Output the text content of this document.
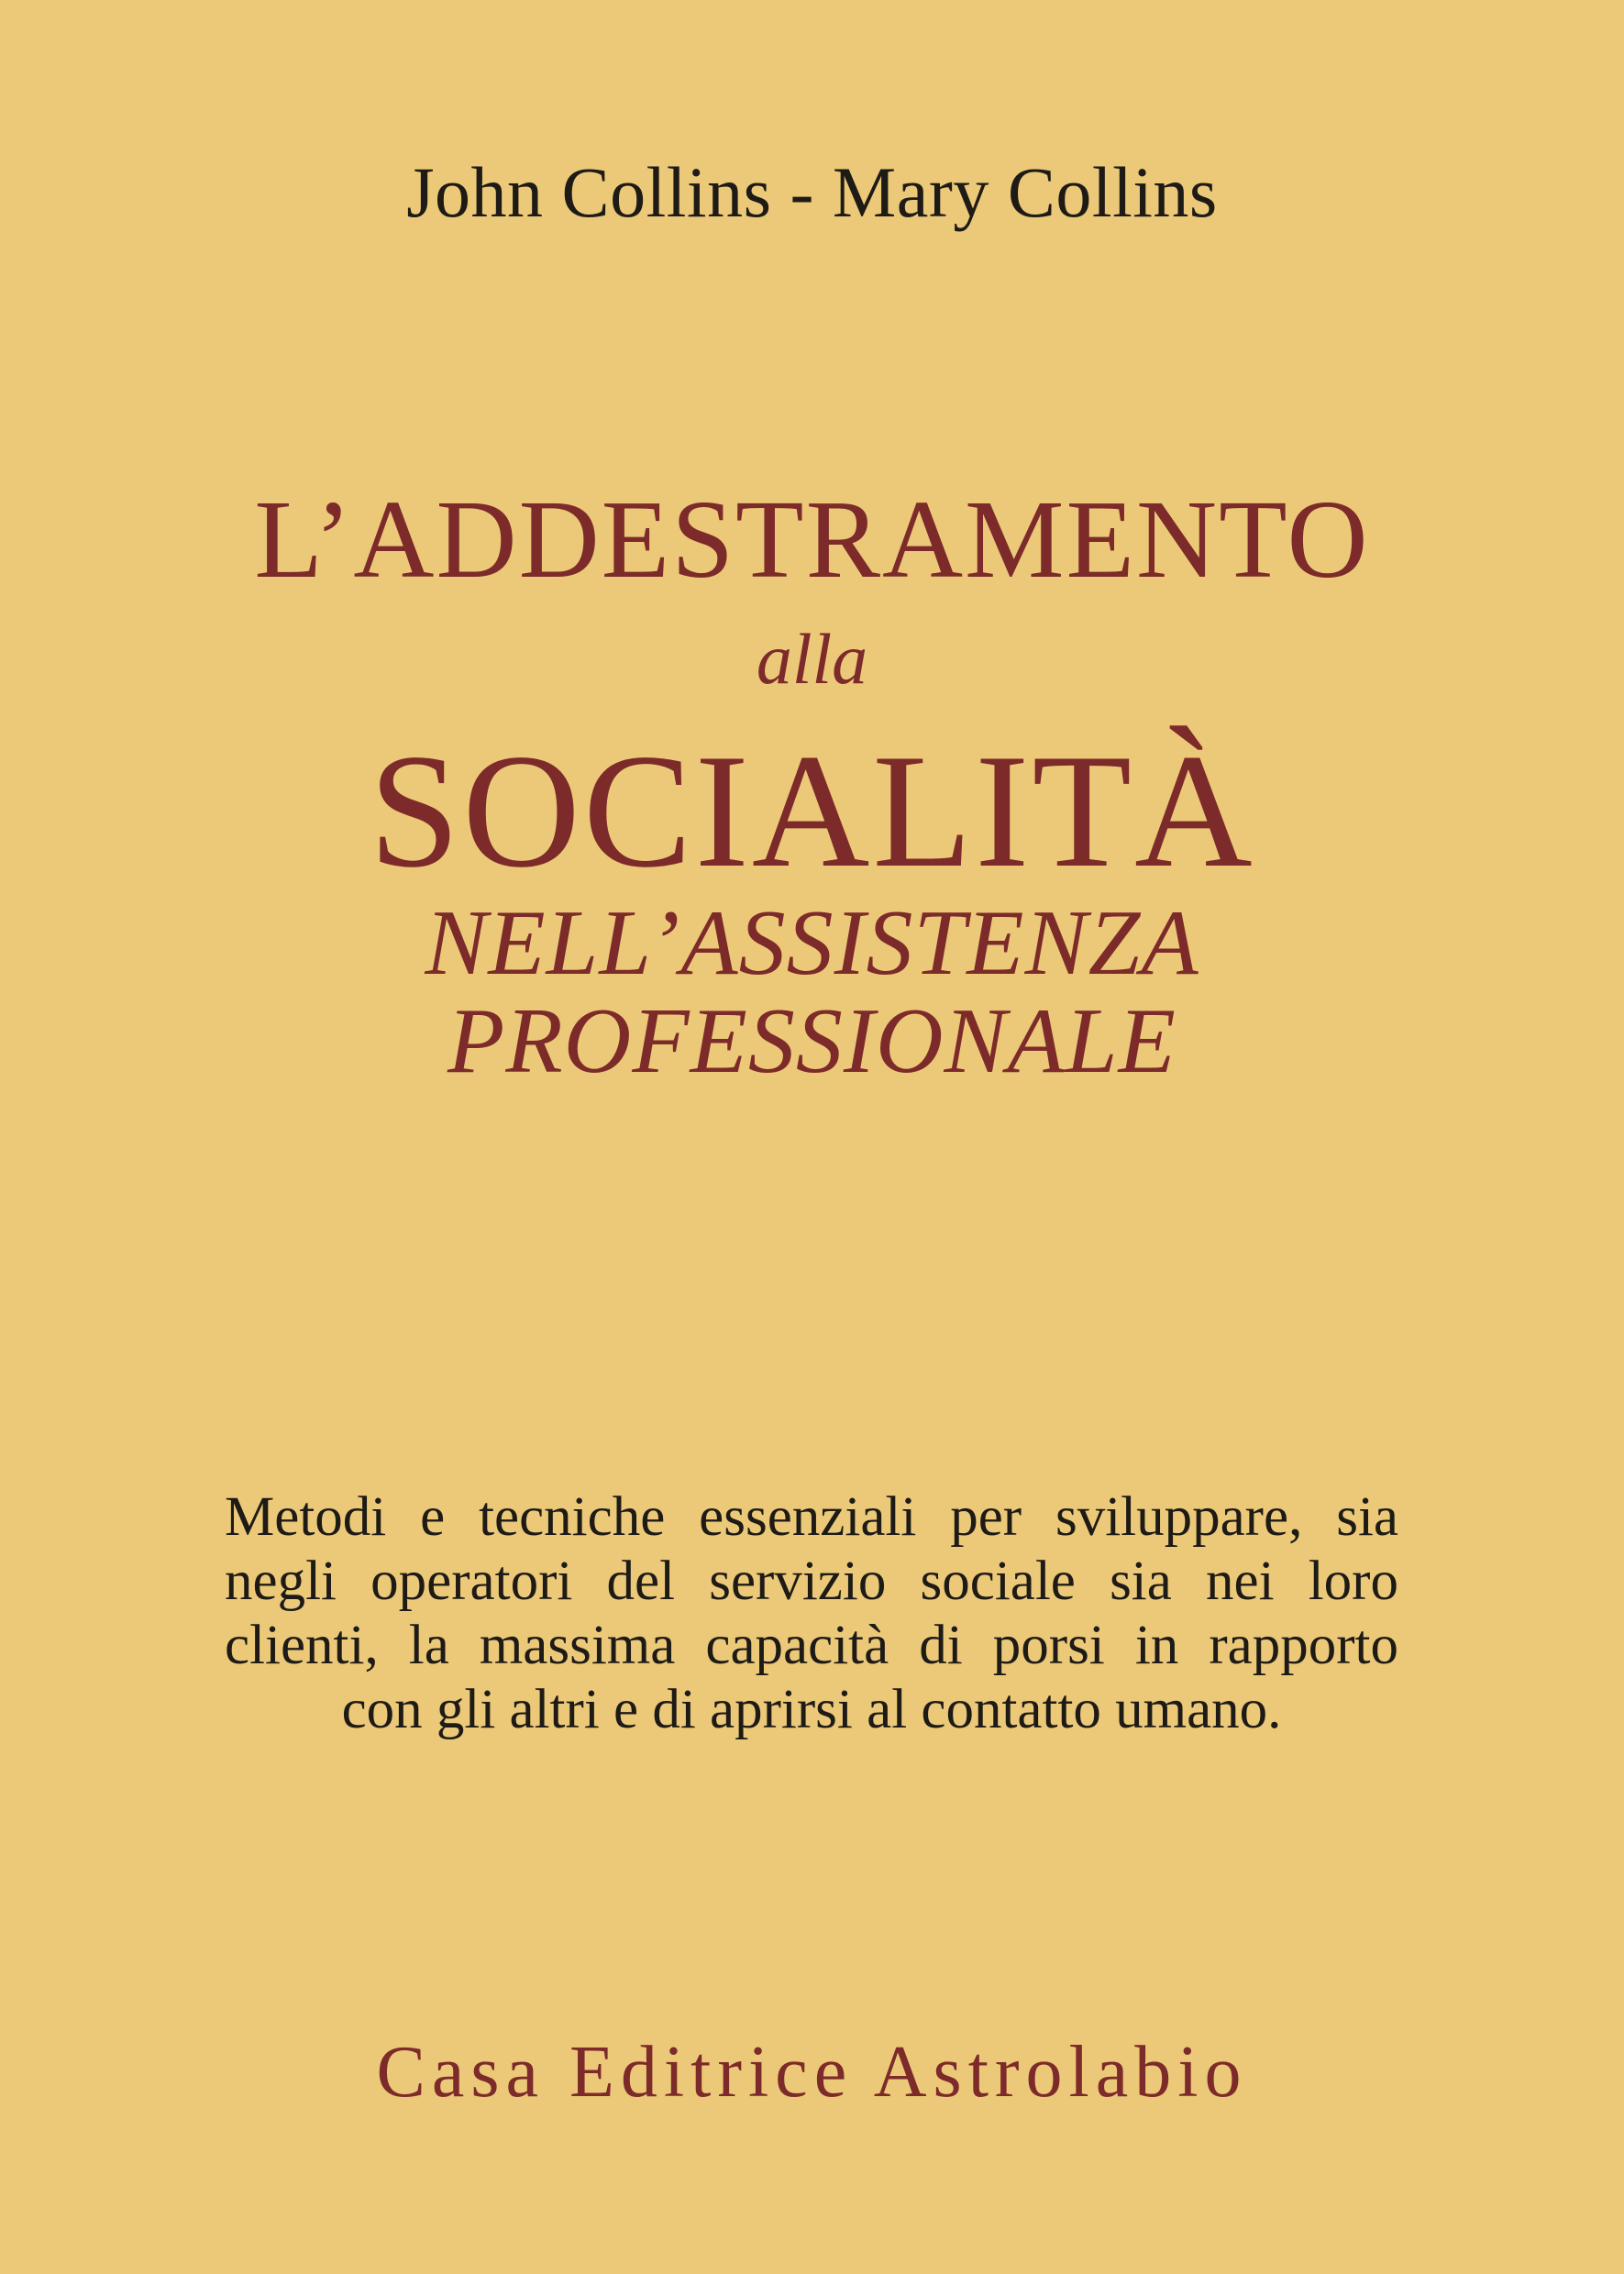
John Collins - Mary Collins
L’ADDESTRAMENTO
alla
SOCIALITÀ
NELL’ASSISTENZA
PROFESSIONALE
Metodi e tecniche essenziali per sviluppare, sia
negli operatori del servizio sociale sia nei loro
clienti, la massima capacità di porsi in rapporto
con gli altri e di aprirsi al contatto umano.
Casa Editrice Astrolabio
